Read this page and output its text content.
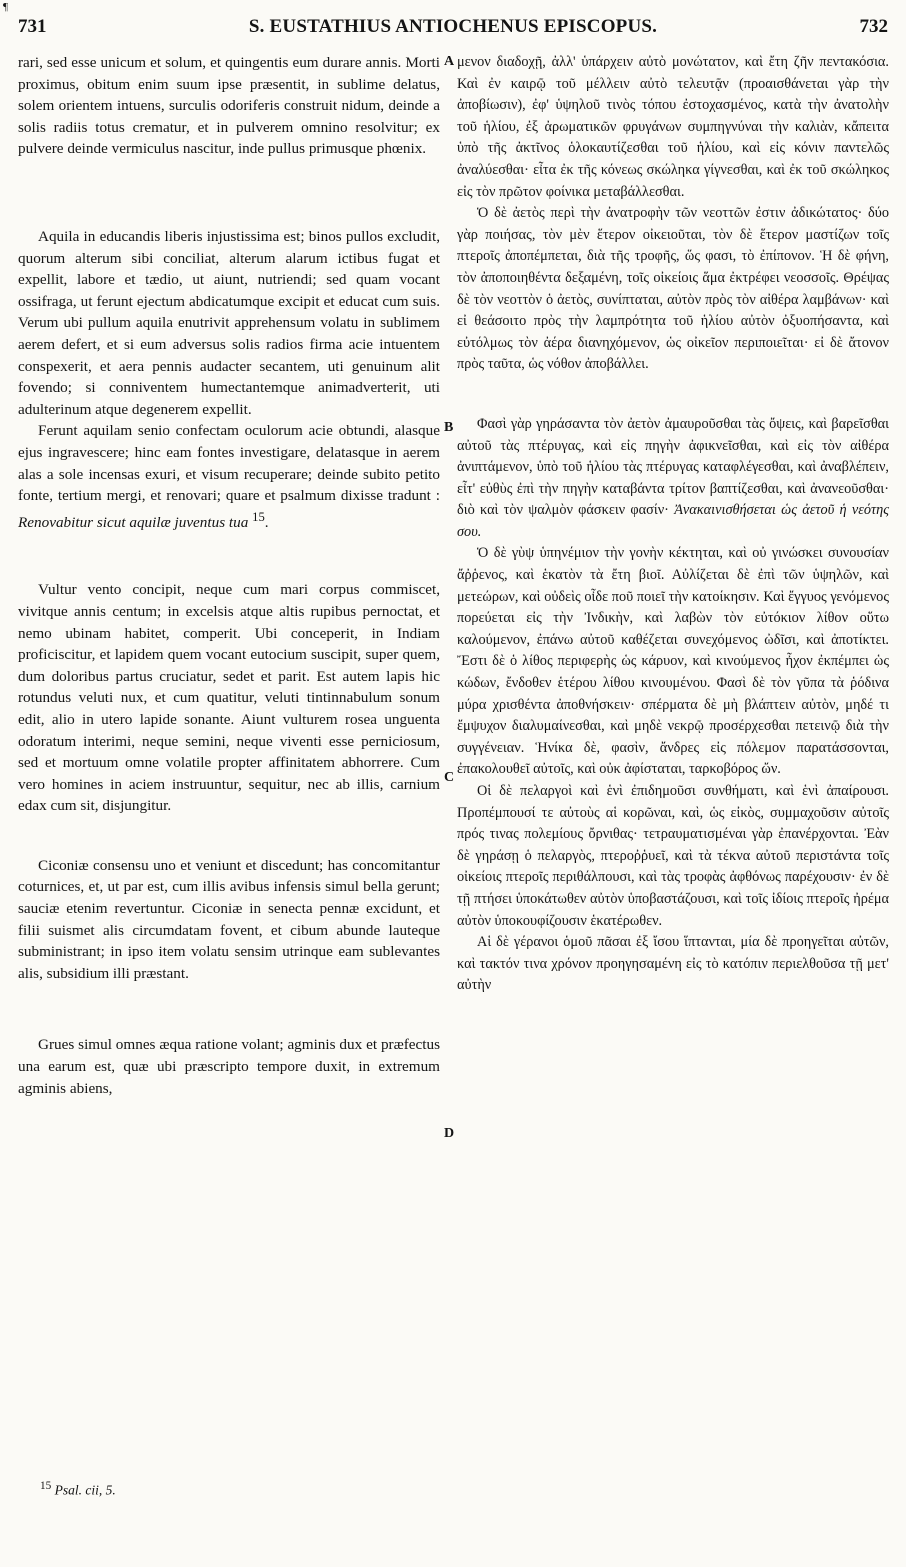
¶
731	S. EUSTATHIUS ANTIOCHENUS EPISCOPUS.	732

rari, sed esse unicum et solum, et quingentis eum durare annis. Morti proximus, obitum enim suum ipse præsentit, in sublime delatus, solem orientem intuens, surculis odoriferis construit nidum, deinde a solis radiis totus crematur, et in pulverem omnino resolvitur; ex pulvere deinde vermiculus nascitur, inde pullus primusque phœnix.

Aquila in educandis liberis injustissima est; binos pullos excludit, quorum alterum sibi conciliat, alterum alarum ictibus fugat et expellit, labore et tædio, ut aiunt, nutriendi; sed quam vocant ossifraga, ut ferunt ejectum abdicatumque excipit et educat cum suis. Verum ubi pullum aquila enutrivit apprehensum volatu in sublimem aerem defert, et si eum adversus solis radios firma acie intuentem conspexerit, et aera pennis audacter secantem, uti genuinum alit fovendo; si conniventem humectantemque animadverterit, uti adulterinum atque degenerem expellit.

Ferunt aquilam senio confectam oculorum acie obtundi, alasque ejus ingravescere; hinc eam fontes investigare, delatasque in aerem alas a sole incensas exuri, et visum recuperare; deinde subito petito fonte, tertium mergi, et renovari; quare et psalmum dixisse tradunt : Renovabitur sicut aquilæ juventus tua $^{15}$.

Vultur vento concipit, neque cum mari corpus commiscet, vivitque annis centum; in excelsis atque altis rupibus pernoctat, et nemo ubinam habitet, comperit. Ubi conceperit, in Indiam proficiscitur, et lapidem quem vocant eutocium suscipit, super quem, dum doloribus partus cruciatur, sedet et parit. Est autem lapis hic rotundus veluti nux, et cum quatitur, veluti tintinnabulum sonum edit, alio in utero lapide sonante. Aiunt vulturem rosea unguenta odoratum interimi, neque semini, neque viventi esse perniciosum, sed et mortuum omne volatile propter affinitatem abhorrere. Cum vero homines in aciem instruuntur, sequitur, nec ab illis, carnium edax cum sit, disjungitur.

Ciconiæ consensu uno et veniunt et discedunt; has concomitantur coturnices, et, ut par est, cum illis avibus infensis simul bella gerunt; sauciæ etenim revertuntur. Ciconiæ in senecta pennæ excidunt, et filii suismet alis circumdatam fovent, et cibum abunde lauteque subministrant; in ipso item volatu sensim utrinque eam sublevantes alis, subsidium illi præstant.

Grues simul omnes æqua ratione volant; agminis dux et præfectus una earum est, quæ ubi præscripto tempore duxit, in extremum agminis abiens,

A
B
C
D

μενον διαδοχῇ, ἀλλ' ὑπάρχειν αὐτὸ μονώτατον, καὶ ἔτη ζῆν πεντακόσια. Καὶ ἐν καιρῷ τοῦ μέλλειν αὐτὸ τελευτᾷν (προαισθάνεται γὰρ τὴν ἀποβίωσιν), ἐφ' ὑψηλοῦ τινὸς τόπου ἐστοχασμένος, κατὰ τὴν ἀνατολὴν τοῦ ἡλίου, ἐξ ἀρωματικῶν φρυγάνων συμπηγνύναι τὴν καλιὰν, κἄπειτα ὑπὸ τῆς ἀκτῖνος ὁλοκαυτίζεσθαι τοῦ ἡλίου, καὶ εἰς κόνιν παντελῶς ἀναλύεσθαι· εἶτα ἐκ τῆς κόνεως σκώληκα γίγνεσθαι, καὶ ἐκ τοῦ σκώληκος εἰς τὸν πρῶτον φοίνικα μεταβάλλεσθαι.

Ὁ δὲ ἀετὸς περὶ τὴν ἀνατροφὴν τῶν νεοττῶν ἐστιν ἀδικώτατος· δύο γὰρ ποιήσας, τὸν μὲν ἕτερον οἰκειοῦται, τὸν δὲ ἕτερον μαστίζων τοῖς πτεροῖς ἀποπέμπεται, διὰ τῆς τροφῆς, ὥς φασι, τὸ ἐπίπονον. Ἡ δὲ φήνη, τὸν ἀποποιηθέντα δεξαμένη, τοῖς οἰκείοις ἅμα ἐκτρέφει νεοσσοῖς. Θρέψας δὲ τὸν νεοττὸν ὁ ἀετὸς, συνίπταται, αὐτὸν πρὸς τὸν αἰθέρα λαμβάνων· καὶ εἰ θεάσοιτο πρὸς τὴν λαμπρότητα τοῦ ἡλίου αὐτὸν ὀξυοπήσαντα, καὶ εὐτόλμως τὸν ἀέρα διανηχόμενον, ὡς οἰκεῖον περιποιεῖται· εἰ δὲ ἄτονον πρὸς ταῦτα, ὡς νόθον ἀποβάλλει.

Φασὶ γὰρ γηράσαντα τὸν ἀετὸν ἀμαυροῦσθαι τὰς ὄψεις, καὶ βαρεῖσθαι αὐτοῦ τὰς πτέρυγας, καὶ εἰς πηγὴν ἀφικνεῖσθαι, καὶ εἰς τὸν αἰθέρα ἀνιπτάμενον, ὑπὸ τοῦ ἡλίου τὰς πτέρυγας καταφλέγεσθαι, καὶ ἀναβλέπειν, εἶτ' εὐθὺς ἐπὶ τὴν πηγὴν καταβάντα τρίτον βαπτίζεσθαι, καὶ ἀνανεοῦσθαι· διὸ καὶ τὸν ψαλμὸν φάσκειν φασίν· Ἀνακαινισθήσεται ὡς ἀετοῦ ἡ νεότης σου.

Ὁ δὲ γὺψ ὑπηνέμιον τὴν γονὴν κέκτηται, καὶ οὐ γινώσκει συνουσίαν ἄῤῥενος, καὶ ἑκατὸν τὰ ἔτη βιοῖ. Αὐλίζεται δὲ ἐπὶ τῶν ὑψηλῶν, καὶ μετεώρων, καὶ οὐδεὶς οἶδε ποῦ ποιεῖ τὴν κατοίκησιν. Καὶ ἔγγυος γενόμενος πορεύεται εἰς τὴν Ἰνδικὴν, καὶ λαβὼν τὸν εὐτόκιον λίθον οὕτω καλούμενον, ἐπάνω αὐτοῦ καθέζεται συνεχόμενος ὠδῖσι, καὶ ἀποτίκτει. Ἔστι δὲ ὁ λίθος περιφερὴς ὡς κάρυον, καὶ κινούμενος ἦχον ἐκπέμπει ὡς κώδων, ἔνδοθεν ἑτέρου λίθου κινουμένου. Φασὶ δὲ τὸν γῦπα τὰ ῥόδινα μύρα χρισθέντα ἀποθνήσκειν· σπέρματα δὲ μὴ βλάπτειν αὐτὸν, μηδέ τι ἔμψυχον διαλυμαίνεσθαι, καὶ μηδὲ νεκρῷ προσέρχεσθαι πετεινῷ διὰ τὴν συγγένειαν. Ἡνίκα δὲ, φασὶν, ἄνδρες εἰς πόλεμον παρατάσσονται, ἐπακολουθεῖ αὐτοῖς, καὶ οὐκ ἀφίσταται, ταρκοβόρος ὤν.

Οἱ δὲ πελαργοὶ καὶ ἑνὶ ἐπιδημοῦσι συνθήματι, καὶ ἑνὶ ἀπαίρουσι. Προπέμπουσί τε αὐτοὺς αἱ κορῶναι, καὶ, ὡς εἰκὸς, συμμαχοῦσιν αὐτοῖς πρός τινας πολεμίους ὄρνιθας· τετραυματισμέναι γὰρ ἐπανέρχονται. Ἐὰν δὲ γηράσῃ ὁ πελαργὸς, πτεροῤῥυεῖ, καὶ τὰ τέκνα αὐτοῦ περιστάντα τοῖς οἰκείοις πτεροῖς περιθάλπουσι, καὶ τὰς τροφὰς ἀφθόνως παρέχουσιν· ἐν δὲ τῇ πτήσει ὑποκάτωθεν αὐτὸν ὑποβαστάζουσι, καὶ τοῖς ἰδίοις πτεροῖς ἠρέμα αὐτὸν ὑποκουφίζουσιν ἑκατέρωθεν.

Αἱ δὲ γέρανοι ὁμοῦ πᾶσαι ἐξ ἴσου ἵπτανται, μία δὲ προηγεῖται αὐτῶν, καὶ τακτόν τινα χρόνον προηγησαμένη εἰς τὸ κατόπιν περιελθοῦσα τῇ μετ' αὐτὴν

$^{15}$ Psal. cii, 5.
